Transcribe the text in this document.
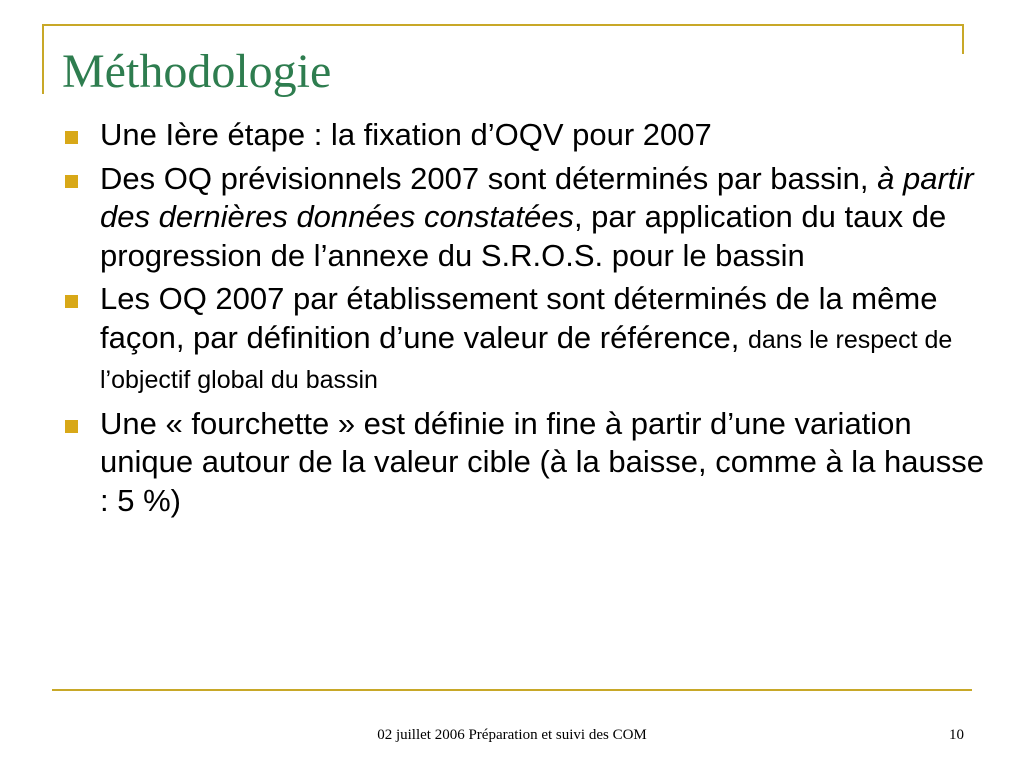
Méthodologie
Une Ière étape : la fixation d’OQV pour 2007
Des OQ prévisionnels 2007 sont déterminés par bassin, à partir des dernières données constatées, par application du taux de progression de l’annexe du S.R.O.S. pour le bassin
Les OQ 2007 par établissement sont déterminés de la même façon, par définition d’une valeur de référence, dans le respect de l’objectif global du bassin
Une « fourchette » est définie in fine à partir d’une variation unique autour de la valeur cible (à la baisse, comme à la hausse : 5 %)
02 juillet 2006 Préparation et suivi des COM	10
